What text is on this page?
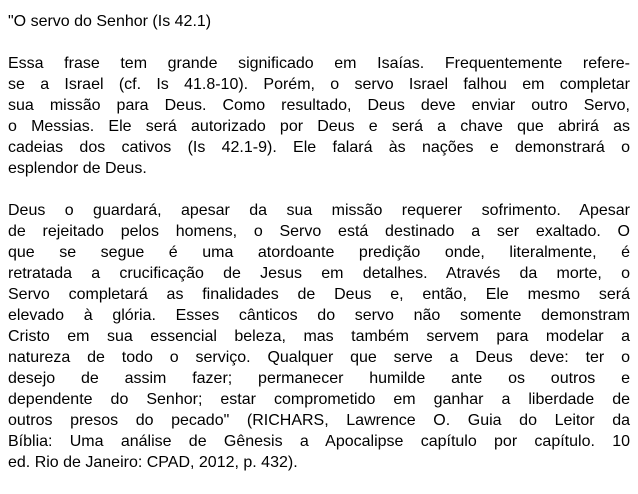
"O servo do Senhor (Is 42.1)
Essa frase tem grande significado em Isaías. Frequentemente refere-
se a Israel (cf. Is 41.8-10). Porém, o servo Israel falhou em completar
sua missão para Deus. Como resultado, Deus deve enviar outro Servo,
o Messias. Ele será autorizado por Deus e será a chave que abrirá as
cadeias dos cativos (Is 42.1-9). Ele falará às nações e demonstrará o
esplendor de Deus.
Deus o guardará, apesar da sua missão requerer sofrimento. Apesar
de rejeitado pelos homens, o Servo está destinado a ser exaltado. O
que se segue é uma atordoante predição onde, literalmente, é
retratada a crucificação de Jesus em detalhes. Através da morte, o
Servo completará as finalidades de Deus e, então, Ele mesmo será
elevado à glória. Esses cânticos do servo não somente demonstram
Cristo em sua essencial beleza, mas também servem para modelar a
natureza de todo o serviço. Qualquer que serve a Deus deve: ter o
desejo de assim fazer; permanecer humilde ante os outros e
dependente do Senhor; estar comprometido em ganhar a liberdade de
outros presos do pecado" (RICHARS, Lawrence O. Guia do Leitor da
Bíblia: Uma análise de Gênesis a Apocalipse capítulo por capítulo. 10
ed. Rio de Janeiro: CPAD, 2012, p. 432).
